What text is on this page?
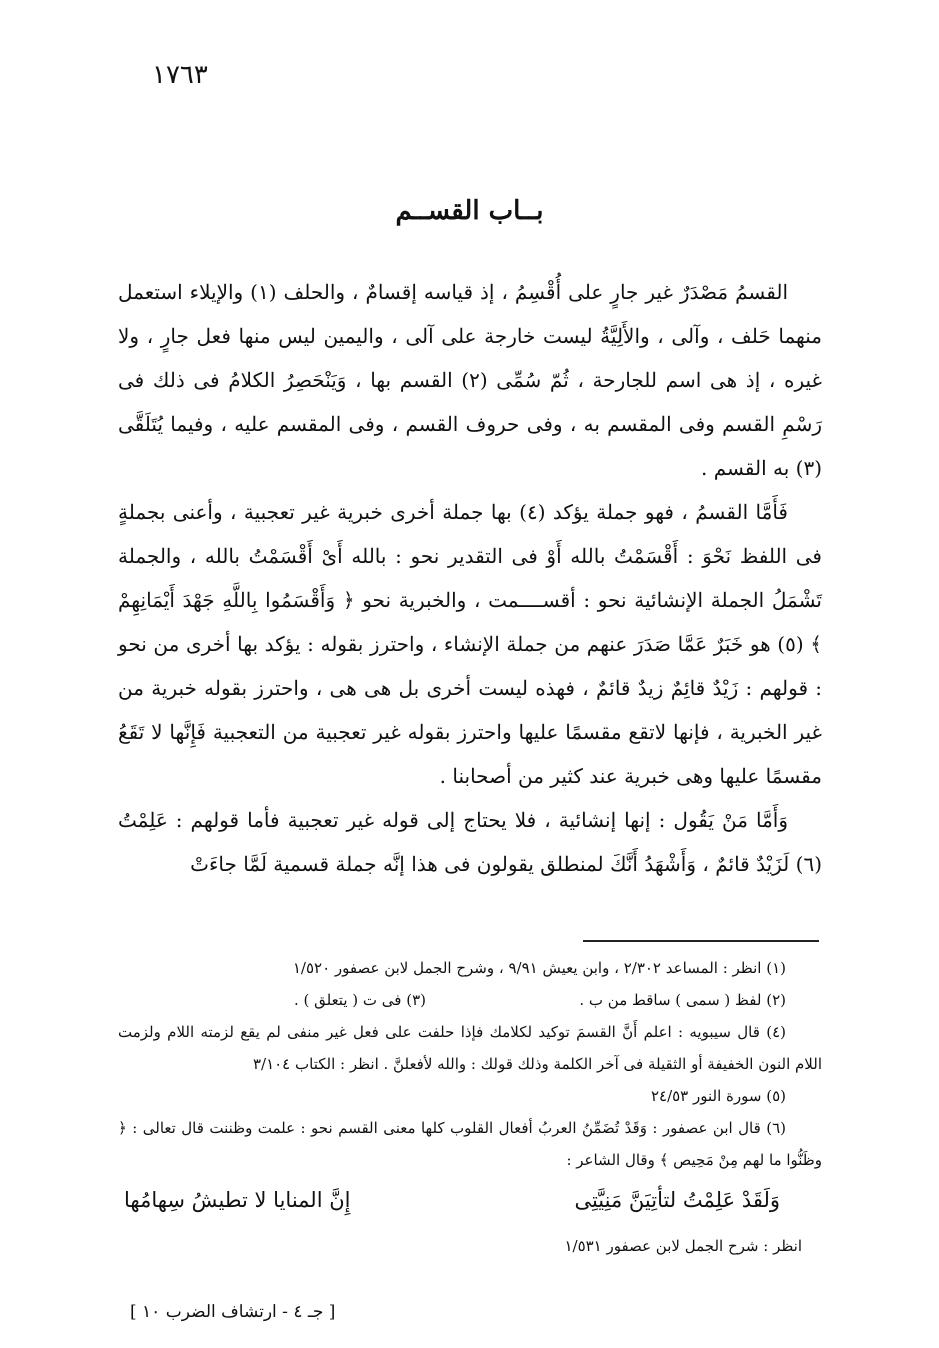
١٧٦٣
بــاب القســم

القسمُ مَصْدَرٌ غير جارٍ على أُقْسِمُ ، إذ قياسه إقسامٌ ، والحلف (١) والإيلاء استعمل منهما حَلف ، وآلى ، والأَلِيَّةُ ليست خارجة على آلى ، واليمين ليس منها فعل جارٍ ، ولا غيره ، إذ هى اسم للجارحة ، ثُمّ سُمِّى (٢) القسم بها ، وَيَنْحَصِرُ الكلامُ فى ذلك فى رَسْمِ القسم وفى المقسم به ، وفى حروف القسم ، وفى المقسم عليه ، وفيما يُتَلَقَّى (٣) به القسم .

فَأَمَّا القسمُ ، فهو جملة يؤكد (٤) بها جملة أخرى خبرية غير تعجبية ، وأعنى بجملةٍ فى اللفظ نَحْوَ : أَقْسَمْتُ بالله أَوْ فى التقدير نحو : بالله أَىْ أَقْسَمْتُ بالله ، والجملة تَشْمَلُ الجملة الإنشائية نحو : أقســــمت ، والخبرية نحو ﴿ وَأَقْسَمُوا بِاللَّهِ جَهْدَ أَيْمَانِهِمْ ﴾ (٥) هو خَبَرٌ عَمَّا صَدَرَ عنهم من جملة الإنشاء ، واحترز بقوله : يؤكد بها أخرى من نحو : قولهم : زَيْدٌ قائِمٌ زيدٌ قائمٌ ، فهذه ليست أخرى بل هى هى ، واحترز بقوله خبرية من غير الخبرية ، فإنها لاتقع مقسمًا عليها واحترز بقوله غير تعجبية من التعجبية فَإِنَّها لا تَقَعُ مقسمًا عليها وهى خبرية عند كثير من أصحابنا .

وَأَمَّا مَنْ يَقُول : إنها إنشائية ، فلا يحتاج إلى قوله غير تعجبية فأما قولهم : عَلِمْتُ (٦) لَزَيْدٌ قائمٌ ، وَأَشْهَدُ أَنَّكَ لمنطلق يقولون فى هذا إنَّه جملة قسمية لَمَّا جاءَتْ

(١) انظر : المساعد ٢/٣٠٢ ، وابن يعيش ٩/٩١ ، وشرح الجمل لابن عصفور ١/٥٢٠

(٢) لفظ ( سمى ) ساقط من ب .
(٣) فى ت ( يتعلق ) .

(٤) قال سيبويه : اعلم أَنَّ القسمَ توكيد لكلامك فإذا حلفت على فعل غير منفى لم يقع لزمته اللام ولزمت اللام النون الخفيفة أو الثقيلة فى آخر الكلمة وذلك قولك : والله لأفعلنَّ . انظر : الكتاب ٣/١٠٤

(٥) سورة النور ٢٤/٥٣

(٦) قال ابن عصفور : وَقَدْ تُضَمِّنُ العربُ أفعال القلوب كلها معنى القسم نحو : علمت وظننت قال تعالى : ﴿ وظَنُّوا ما لهم مِنْ مَحِيص ﴾ وقال الشاعر :

وَلَقَدْ عَلِمْتُ لتأتِيَنَّ مَنِيَّتِى
إِنَّ المنايا لا تطيشُ سِهامُها

انظر : شرح الجمل لابن عصفور ١/٥٣١

[ جـ ٤ - ارتشاف الضرب ١٠ ]
